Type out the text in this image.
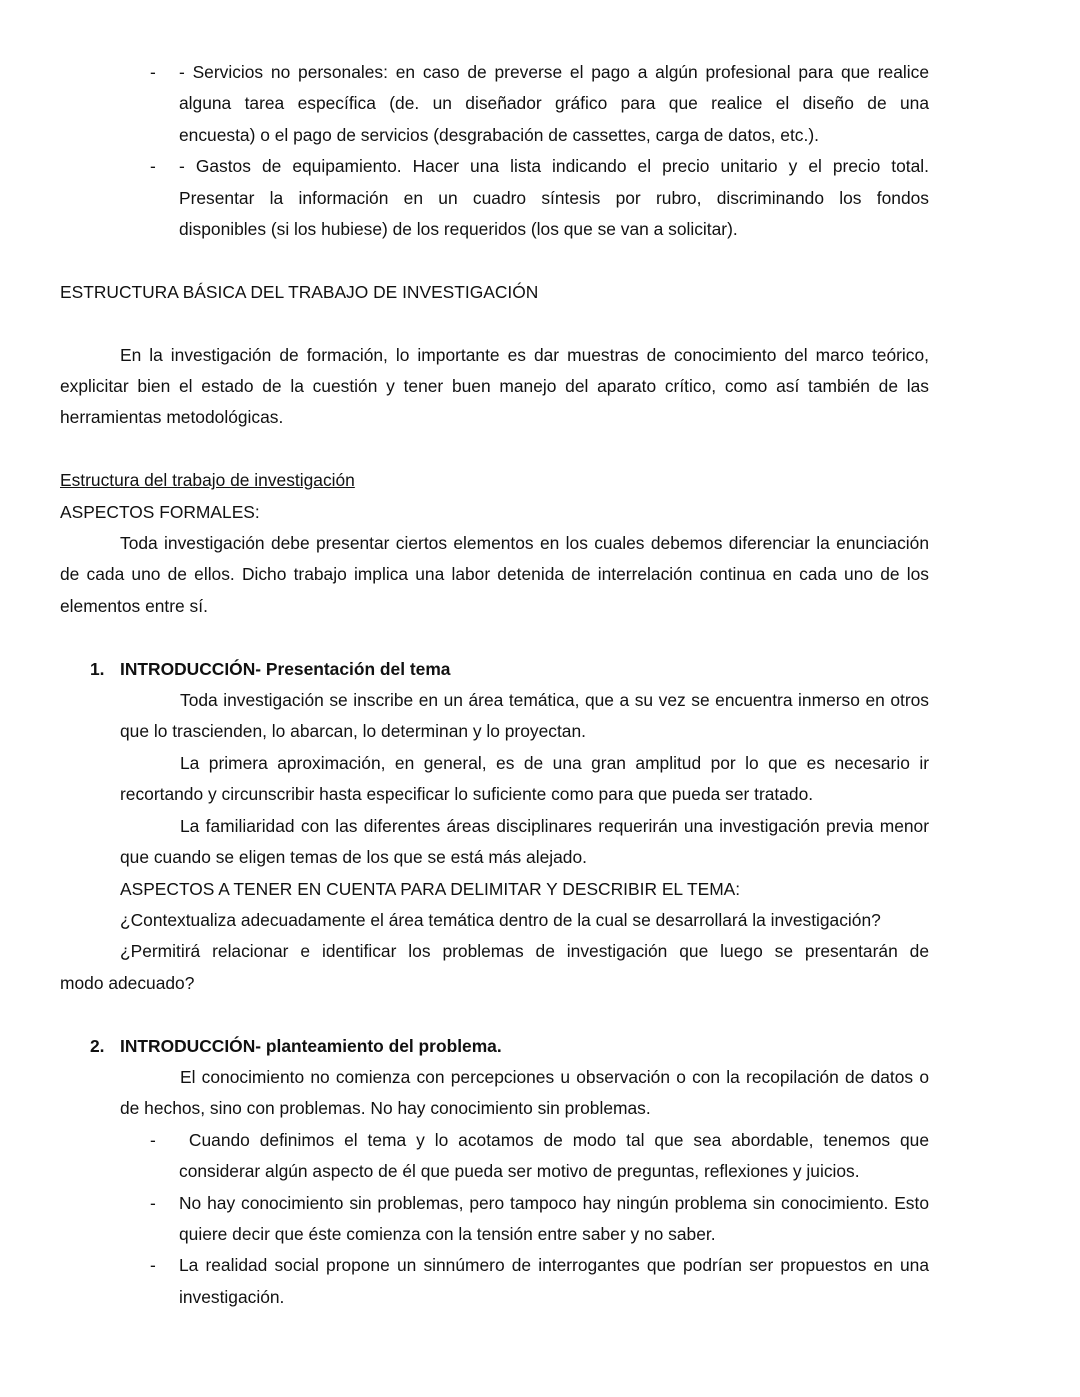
- - Servicios no personales: en caso de preverse el pago a algún profesional para que realice

alguna tarea específica (de. un diseñador gráfico para que realice el diseño de una

encuesta) o el pago de servicios (desgrabación de cassettes, carga de datos, etc.).

- - Gastos de equipamiento. Hacer una lista indicando el precio unitario y el precio total.

Presentar la información en un cuadro síntesis por rubro, discriminando los fondos

disponibles (si los hubiese) de los requeridos (los que se van a solicitar).

ESTRUCTURA BÁSICA DEL TRABAJO DE INVESTIGACIÓN

En la investigación de formación, lo importante es dar muestras de conocimiento del marco teórico, explicitar bien el estado de la cuestión y tener buen manejo del aparato crítico, como así también de las herramientas metodológicas.

Estructura del trabajo de investigación

ASPECTOS FORMALES:

Toda investigación debe presentar ciertos elementos en los cuales debemos diferenciar la enunciación de cada uno de ellos. Dicho trabajo implica una labor detenida de interrelación continua en cada uno de los elementos entre sí.

1. INTRODUCCIÓN- Presentación del tema

Toda investigación se inscribe en un área temática, que a su vez se encuentra inmerso en otros que lo trascienden, lo abarcan, lo determinan y lo proyectan.

La primera aproximación, en general, es de una gran amplitud por lo que es necesario ir recortando y circunscribir hasta especificar lo suficiente como para que pueda ser tratado.

La familiaridad con las diferentes áreas disciplinares requerirán una investigación previa menor que cuando se eligen temas de los que se está más alejado.

ASPECTOS A TENER EN CUENTA PARA DELIMITAR Y DESCRIBIR EL TEMA:

¿Contextualiza adecuadamente el área temática dentro de la cual se desarrollará la investigación?

¿Permitirá relacionar e identificar los problemas de investigación que luego se presentarán de

modo adecuado?

2. INTRODUCCIÓN- planteamiento del problema.

El conocimiento no comienza con percepciones u observación o con la recopilación de datos o de hechos, sino con problemas. No hay conocimiento sin problemas.

- Cuando definimos el tema y lo acotamos de modo tal que sea abordable, tenemos que considerar algún aspecto de él que pueda ser motivo de preguntas, reflexiones y juicios.

- No hay conocimiento sin problemas, pero tampoco hay ningún problema sin conocimiento. Esto quiere decir que éste comienza con la tensión entre saber y no saber.

- La realidad social propone un sinnúmero de interrogantes que podrían ser propuestos en una investigación.
